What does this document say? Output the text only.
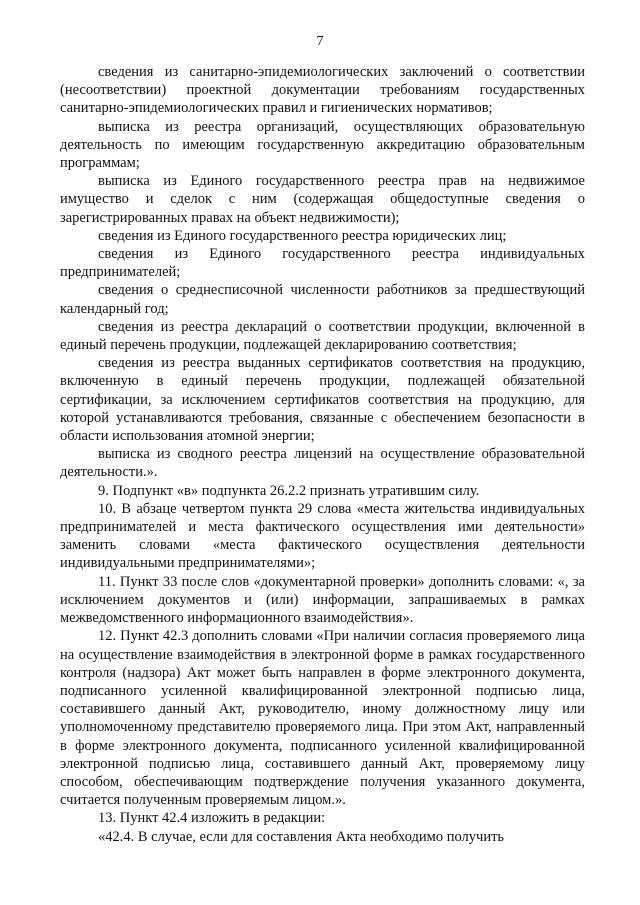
7

сведения из санитарно-эпидемиологических заключений о соответствии (несоответствии) проектной документации требованиям государственных санитарно-эпидемиологических правил и гигиенических нормативов;

выписка из реестра организаций, осуществляющих образовательную деятельность по имеющим государственную аккредитацию образовательным программам;

выписка из Единого государственного реестра прав на недвижимое имущество и сделок с ним (содержащая общедоступные сведения о зарегистрированных правах на объект недвижимости);

сведения из Единого государственного реестра юридических лиц;

сведения из Единого государственного реестра индивидуальных предпринимателей;

сведения о среднесписочной численности работников за предшествующий календарный год;

сведения из реестра деклараций о соответствии продукции, включенной в единый перечень продукции, подлежащей декларированию соответствия;

сведения из реестра выданных сертификатов соответствия на продукцию, включенную в единый перечень продукции, подлежащей обязательной сертификации, за исключением сертификатов соответствия на продукцию, для которой устанавливаются требования, связанные с обеспечением безопасности в области использования атомной энергии;

выписка из сводного реестра лицензий на осуществление образовательной деятельности.».

9. Подпункт «в» подпункта 26.2.2 признать утратившим силу.

10. В абзаце четвертом пункта 29 слова «места жительства индивидуальных предпринимателей и места фактического осуществления ими деятельности» заменить словами «места фактического осуществления деятельности индивидуальными предпринимателями»;

11. Пункт 33 после слов «документарной проверки» дополнить словами: «, за исключением документов и (или) информации, запрашиваемых в рамках межведомственного информационного взаимодействия».

12. Пункт 42.3 дополнить словами «При наличии согласия проверяемого лица на осуществление взаимодействия в электронной форме в рамках государственного контроля (надзора) Акт может быть направлен в форме электронного документа, подписанного усиленной квалифицированной электронной подписью лица, составившего данный Акт, руководителю, иному должностному лицу или уполномоченному представителю проверяемого лица. При этом Акт, направленный в форме электронного документа, подписанного усиленной квалифицированной электронной подписью лица, составившего данный Акт, проверяемому лицу способом, обеспечивающим подтверждение получения указанного документа, считается полученным проверяемым лицом.».

13. Пункт 42.4 изложить в редакции:

«42.4. В случае, если для составления Акта необходимо получить
